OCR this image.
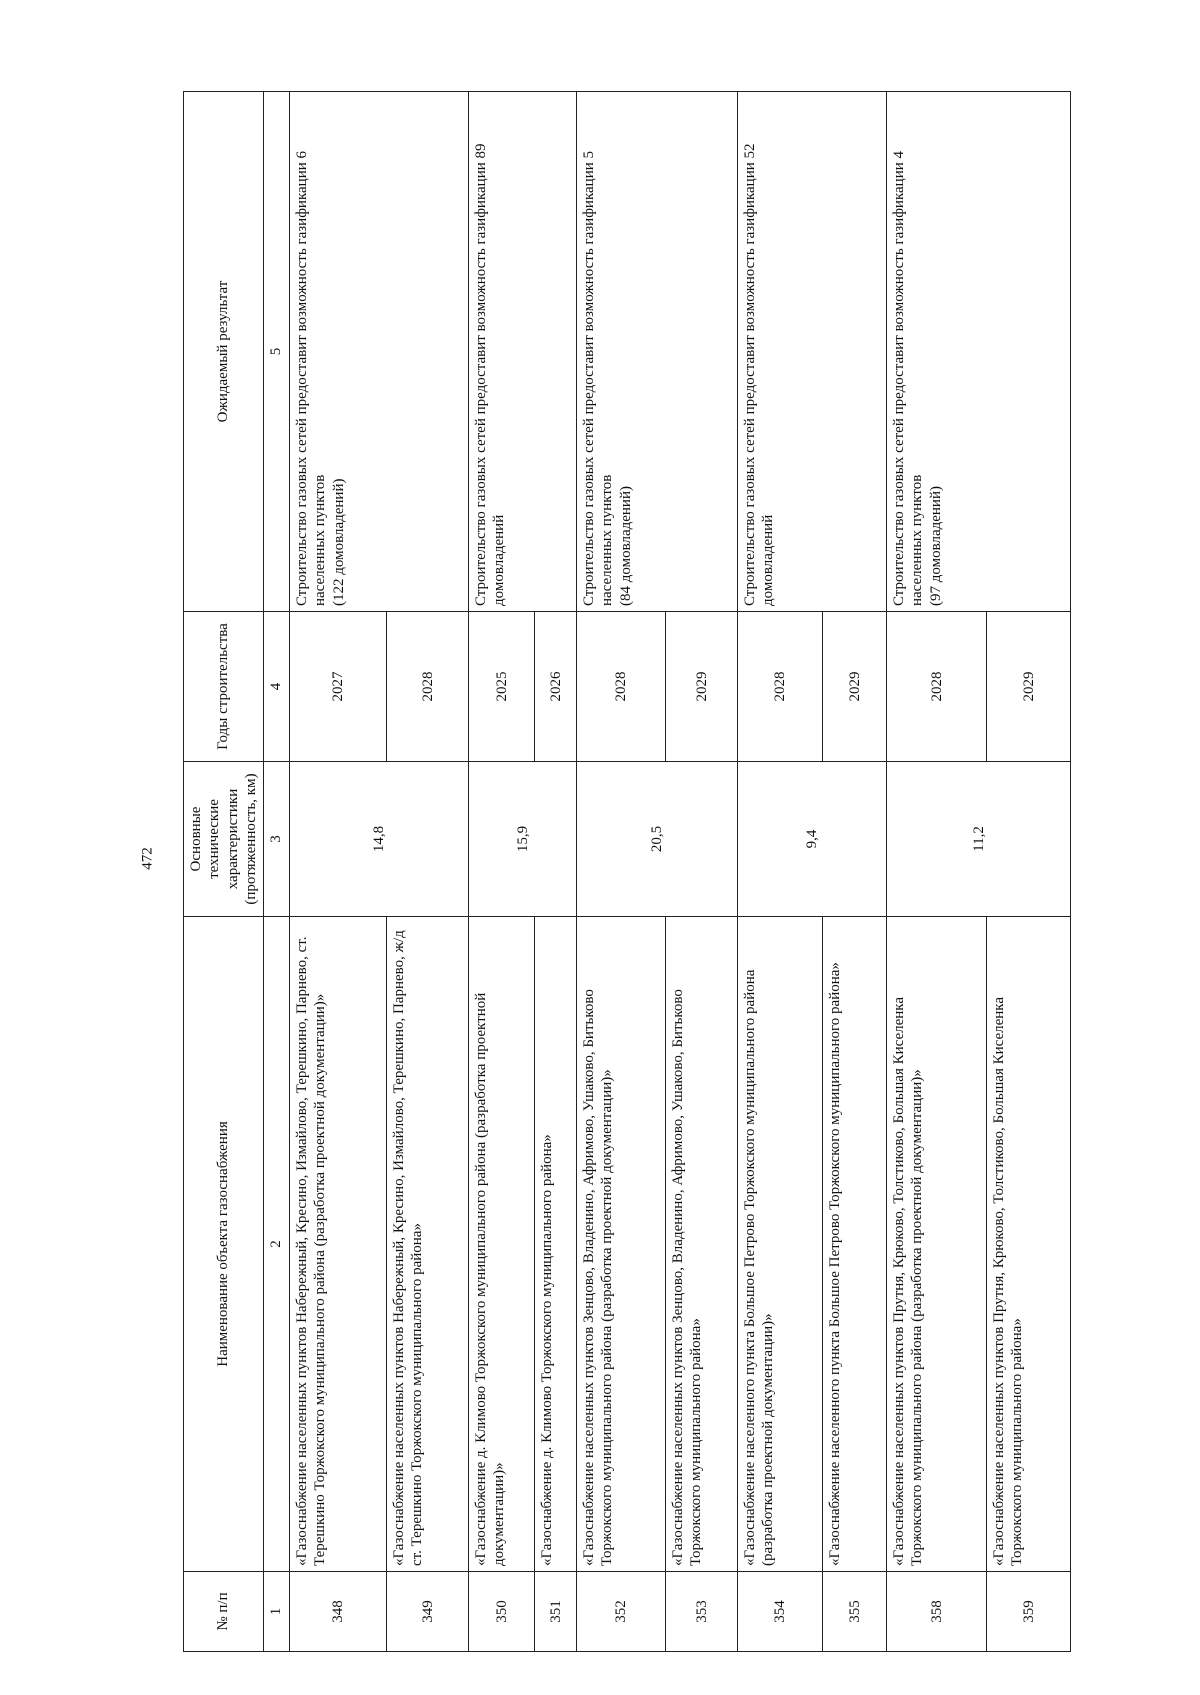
472
№ п/п	Наименование объекта газоснабжения	Основные технические характеристики (протяженность, км)	Годы строительства	Ожидаемый результат
1	2	3	4	5
348	«Газоснабжение населенных пунктов Набережный, Кресино, Измайлово, Терешкино, Парнево, ст. Терешкино Торжокского муниципального района (разработка проектной документации)»	14,8	2027	Строительство газовых сетей предоставит возможность газификации 6 населенных пунктов (122 домовладений)

349	«Газоснабжение населенных пунктов Набережный, Кресино, Измайлово, Терешкино, Парнево, ж/д ст. Терешкино Торжокского муниципального района»		2028	
350	«Газоснабжение д. Климово Торжокского муниципального района (разработка проектной документации)»	15,9	2025	Строительство газовых сетей предоставит возможность газификации 89 домовладений

351	«Газоснабжение д. Климово Торжокского муниципального района»		2026	
352	«Газоснабжение населенных пунктов Зенцово, Владенино, Афримово, Ушаково, Битьково Торжокского муниципального района (разработка проектной документации)»	20,5	2028	Строительство газовых сетей предоставит возможность газификации 5 населенных пунктов (84 домовладений)

353	«Газоснабжение населенных пунктов Зенцово, Владенино, Афримово, Ушаково, Битьково Торжокского муниципального района»		2029	
354	«Газоснабжение населенного пункта Большое Петрово Торжокского муниципального района (разработка проектной документации)»	9,4	2028	Строительство газовых сетей предоставит возможность газификации 52 домовладений

355	«Газоснабжение населенного пункта Большое Петрово Торжокского муниципального района»		2029	
358	«Газоснабжение населенных пунктов Прутня, Крюково, Толстиково, Большая Киселенка Торжокского муниципального района (разработка проектной документации)»	11,2	2028	Строительство газовых сетей предоставит возможность газификации 4 населенных пунктов (97 домовладений)

359	«Газоснабжение населенных пунктов Прутня, Крюково, Толстиково, Большая Киселенка Торжокского муниципального района»		2029	
